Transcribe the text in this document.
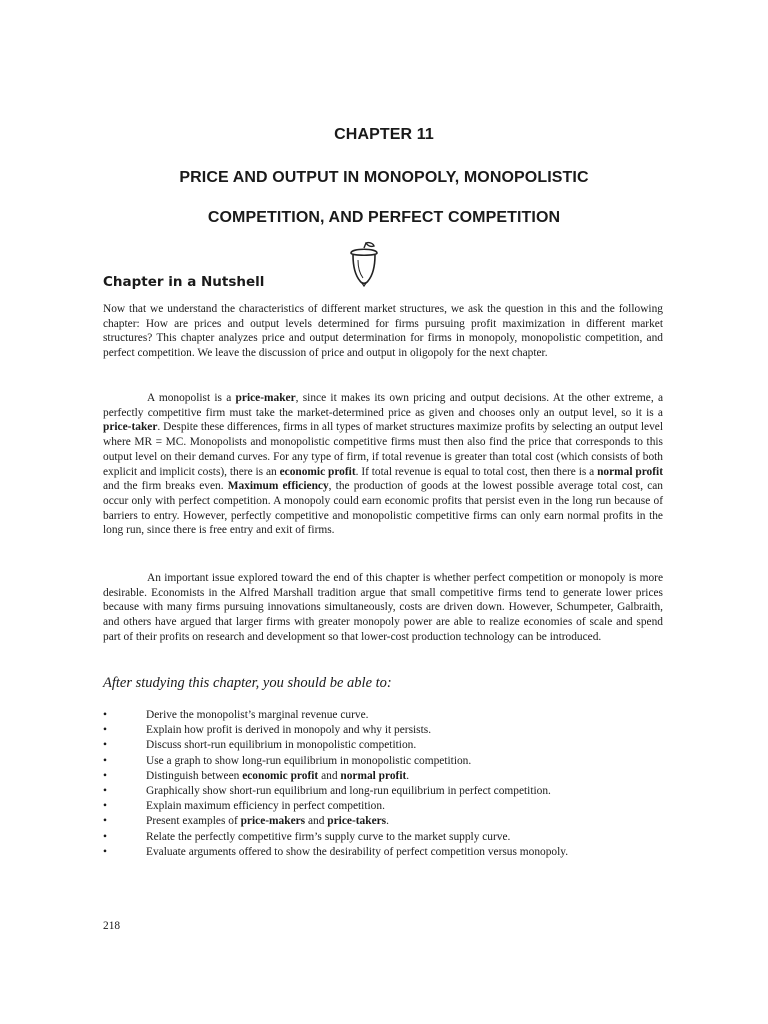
CHAPTER 11
PRICE AND OUTPUT IN MONOPOLY, MONOPOLISTIC
COMPETITION, AND PERFECT COMPETITION
Chapter in a Nutshell

Now that we understand the characteristics of different market structures, we ask the question in this and the following chapter: How are prices and output levels determined for firms pursuing profit maximization in different market structures? This chapter analyzes price and output determination for firms in monopoly, monopolistic competition, and perfect competition. We leave the discussion of price and output in oligopoly for the next chapter.

A monopolist is a price-maker, since it makes its own pricing and output decisions. At the other extreme, a perfectly competitive firm must take the market-determined price as given and chooses only an output level, so it is a price-taker. Despite these differences, firms in all types of market structures maximize profits by selecting an output level where MR = MC. Monopolists and monopolistic competitive firms must then also find the price that corresponds to this output level on their demand curves. For any type of firm, if total revenue is greater than total cost (which consists of both explicit and implicit costs), there is an economic profit. If total revenue is equal to total cost, then there is a normal profit and the firm breaks even. Maximum efficiency, the production of goods at the lowest possible average total cost, can occur only with perfect competition. A monopoly could earn economic profits that persist even in the long run because of barriers to entry. However, perfectly competitive and monopolistic competitive firms can only earn normal profits in the long run, since there is free entry and exit of firms.

An important issue explored toward the end of this chapter is whether perfect competition or monopoly is more desirable. Economists in the Alfred Marshall tradition argue that small competitive firms tend to generate lower prices because with many firms pursuing innovations simultaneously, costs are driven down. However, Schumpeter, Galbraith, and others have argued that larger firms with greater monopoly power are able to realize economies of scale and spend part of their profits on research and development so that lower-cost production technology can be introduced.

After studying this chapter, you should be able to:
•	Derive the monopolist’s marginal revenue curve.
•	Explain how profit is derived in monopoly and why it persists.
•	Discuss short-run equilibrium in monopolistic competition.
•	Use a graph to show long-run equilibrium in monopolistic competition.
•	Distinguish between economic profit and normal profit.
•	Graphically show short-run equilibrium and long-run equilibrium in perfect competition.
•	Explain maximum efficiency in perfect competition.
•	Present examples of price-makers and price-takers.
•	Relate the perfectly competitive firm’s supply curve to the market supply curve.
•	Evaluate arguments offered to show the desirability of perfect competition versus monopoly.
218
